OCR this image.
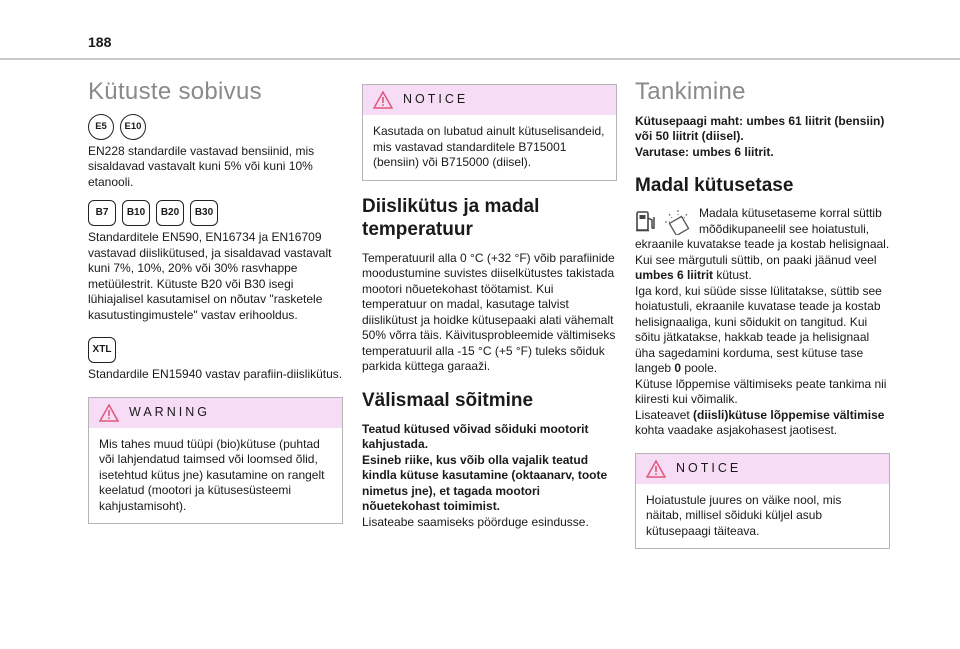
188
Kütuste sobivus
E5	E10

EN228 standardile vastavad bensiinid, mis sisaldavad vastavalt kuni 5% või kuni 10% etanooli.

B7	B10	B20	B30

Standarditele EN590, EN16734 ja EN16709 vastavad diislikütused, ja sisaldavad vastavalt kuni 7%, 10%, 20% või 30% rasvhappe metüülestrit. Kütuste B20 või B30 isegi lühiajalisel kasutamisel on nõutav "rasketele kasutustingimustele" vastav erihooldus.

XTL

Standardile EN15940 vastav parafiin-diislikütus.

WARNING

Mis tahes muud tüüpi (bio)kütuse (puhtad või lahjendatud taimsed või loomsed õlid, isetehtud kütus jne) kasutamine on rangelt keelatud (mootori ja kütusesüsteemi kahjustamisoht).

NOTICE

Kasutada on lubatud ainult kütuselisandeid, mis vastavad standarditele B715001 (bensiin) või B715000 (diisel).

Diislikütus ja madal temperatuur

Temperatuuril alla 0 °C (+32 °F) võib parafiinide moodustumine suvistes diiselkütustes takistada mootori nõuetekohast töötamist. Kui temperatuur on madal, kasutage talvist diislikütust ja hoidke kütusepaaki alati vähemalt 50% võrra täis. Käivitusprobleemide vältimiseks temperatuuril alla -15 °C (+5 °F) tuleks sõiduk parkida küttega garaaži.

Välismaal sõitmine

Teatud kütused võivad sõiduki mootorit kahjustada.

Esineb riike, kus võib olla vajalik teatud kindla kütuse kasutamine (oktaanarv, toote nimetus jne), et tagada mootori nõuetekohast toimimist.

Lisateabe saamiseks pöörduge esindusse.

Tankimine

Kütusepaagi maht: umbes 61 liitrit (bensiin) või 50 liitrit (diisel).

Varutase: umbes 6 liitrit.

Madal kütusetase

Madala kütusetaseme korral süttib mõõdikupaneelil see hoiatustuli,

ekraanile kuvatakse teade ja kostab helisignaal. Kui see märgutuli süttib, on paaki jäänud veel umbes 6 liitrit kütust.

Iga kord, kui süüde sisse lülitatakse, süttib see hoiatustuli, ekraanile kuvatase teade ja kostab helisignaaliga, kuni sõidukit on tangitud. Kui sõitu jätkatakse, hakkab teade ja helisignaal üha sagedamini korduma, sest kütuse tase langeb 0 poole.

Kütuse lõppemise vältimiseks peate tankima nii kiiresti kui võimalik.

Lisateavet (diisli)kütuse lõppemise vältimise kohta vaadake asjakohasest jaotisest.

NOTICE

Hoiatustule juures on väike nool, mis näitab, millisel sõiduki küljel asub kütusepaagi täiteava.
